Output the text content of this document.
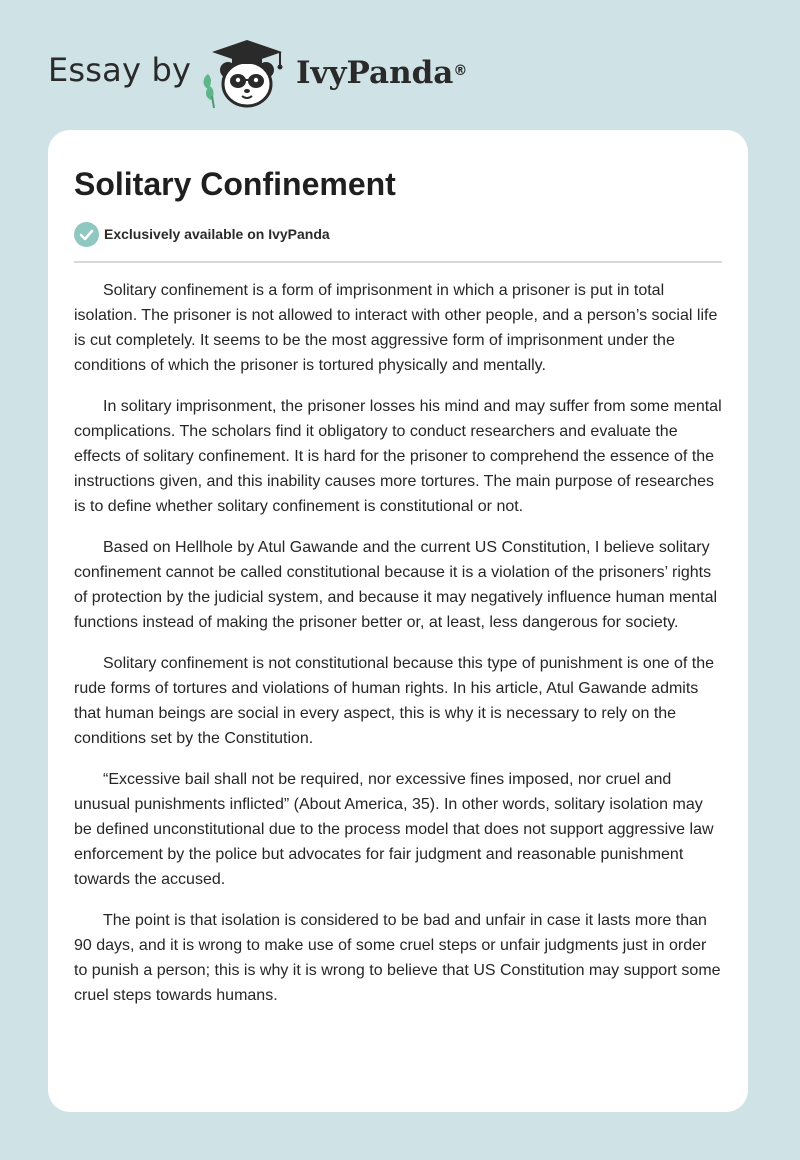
Essay by	IvyPanda®
Solitary Confinement
Exclusively available on IvyPanda

Solitary confinement is a form of imprisonment in which a prisoner is put in total isolation. The prisoner is not allowed to interact with other people, and a person’s social life is cut completely. It seems to be the most aggressive form of imprisonment under the conditions of which the prisoner is tortured physically and mentally.

In solitary imprisonment, the prisoner losses his mind and may suffer from some mental complications. The scholars find it obligatory to conduct researchers and evaluate the effects of solitary confinement. It is hard for the prisoner to comprehend the essence of the instructions given, and this inability causes more tortures. The main purpose of researches is to define whether solitary confinement is constitutional or not.

Based on Hellhole by Atul Gawande and the current US Constitution, I believe solitary confinement cannot be called constitutional because it is a violation of the prisoners’ rights of protection by the judicial system, and because it may negatively influence human mental functions instead of making the prisoner better or, at least, less dangerous for society.

Solitary confinement is not constitutional because this type of punishment is one of the rude forms of tortures and violations of human rights. In his article, Atul Gawande admits that human beings are social in every aspect, this is why it is necessary to rely on the conditions set by the Constitution.

“Excessive bail shall not be required, nor excessive fines imposed, nor cruel and unusual punishments inflicted” (About America, 35). In other words, solitary isolation may be defined unconstitutional due to the process model that does not support aggressive law enforcement by the police but advocates for fair judgment and reasonable punishment towards the accused.

The point is that isolation is considered to be bad and unfair in case it lasts more than 90 days, and it is wrong to make use of some cruel steps or unfair judgments just in order to punish a person; this is why it is wrong to believe that US Constitution may support some cruel steps towards humans.
